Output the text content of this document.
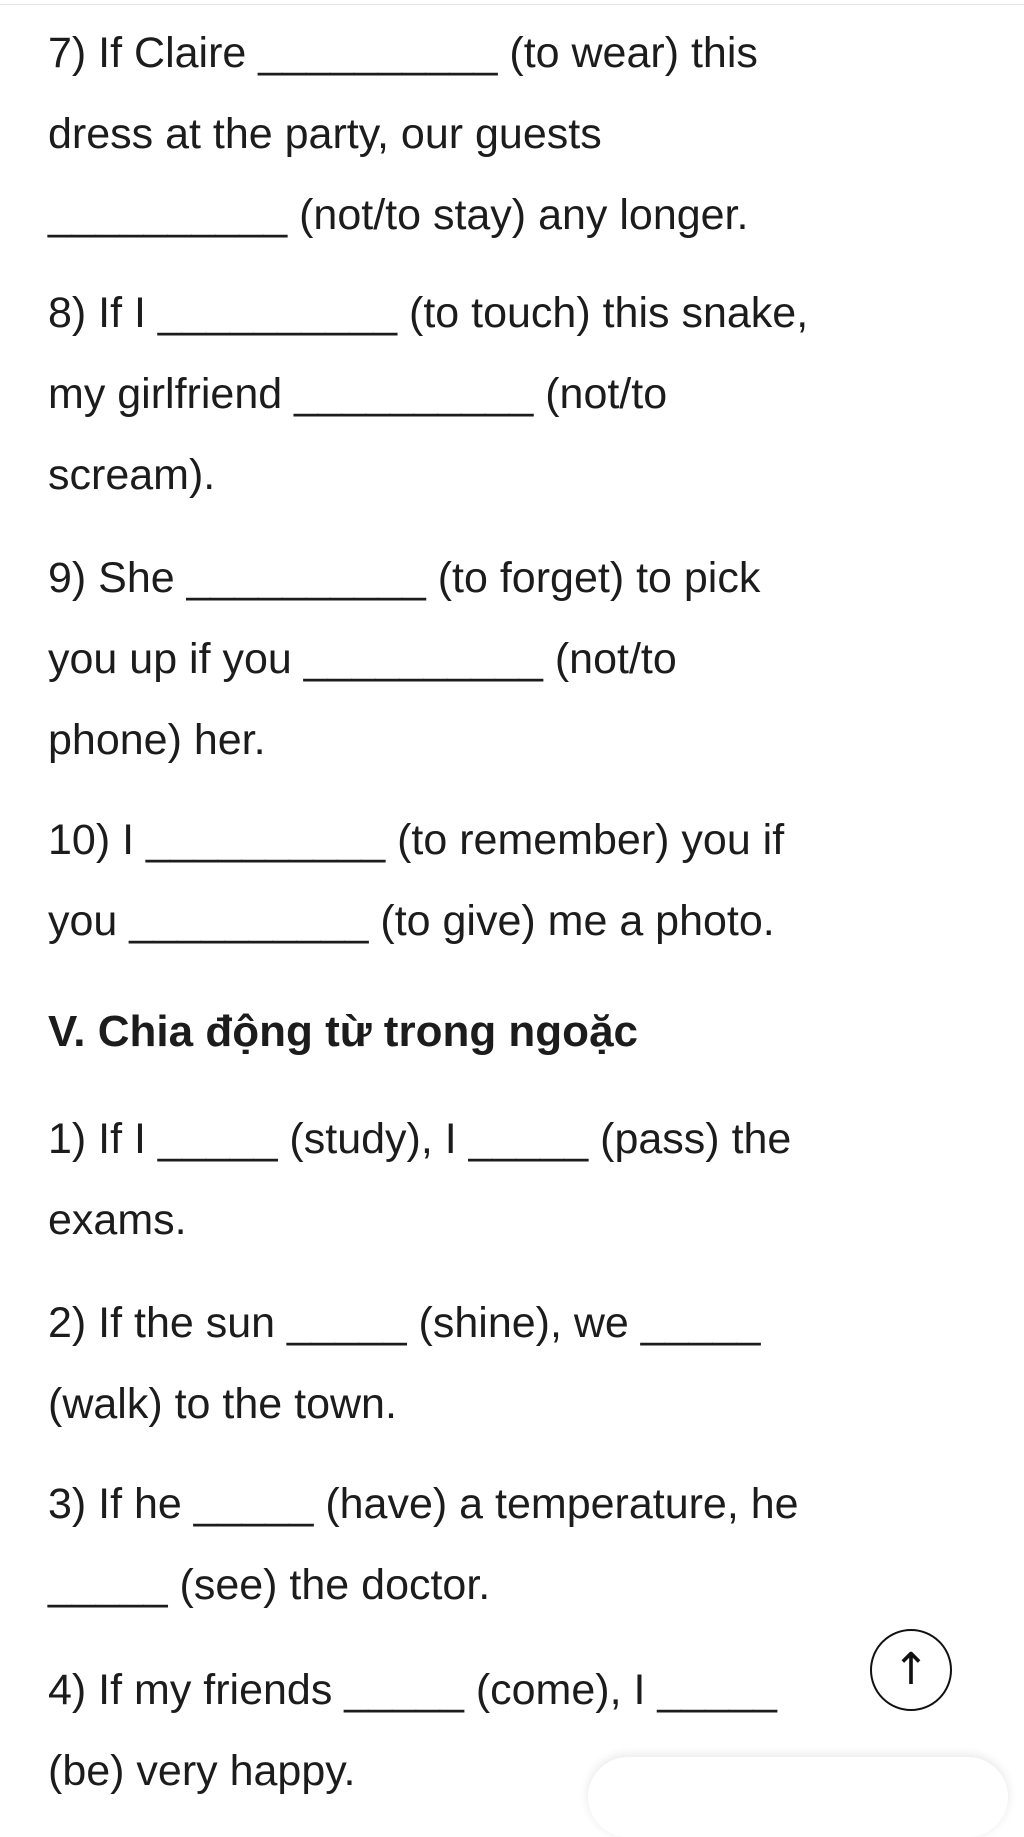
7) If Claire __________ (to wear) this
dress at the party, our guests
__________ (not/to stay) any longer.
8) If I __________ (to touch) this snake,
my girlfriend __________ (not/to
scream).
9) She __________ (to forget) to pick
you up if you __________ (not/to
phone) her.
10) I __________ (to remember) you if
you __________ (to give) me a photo.
V. Chia động từ trong ngoặc
1) If I _____ (study), I _____ (pass) the
exams.
2) If the sun _____ (shine), we _____
(walk) to the town.
3) If he _____ (have) a temperature, he
_____ (see) the doctor.
4) If my friends _____ (come), I _____
(be) very happy.
↑
